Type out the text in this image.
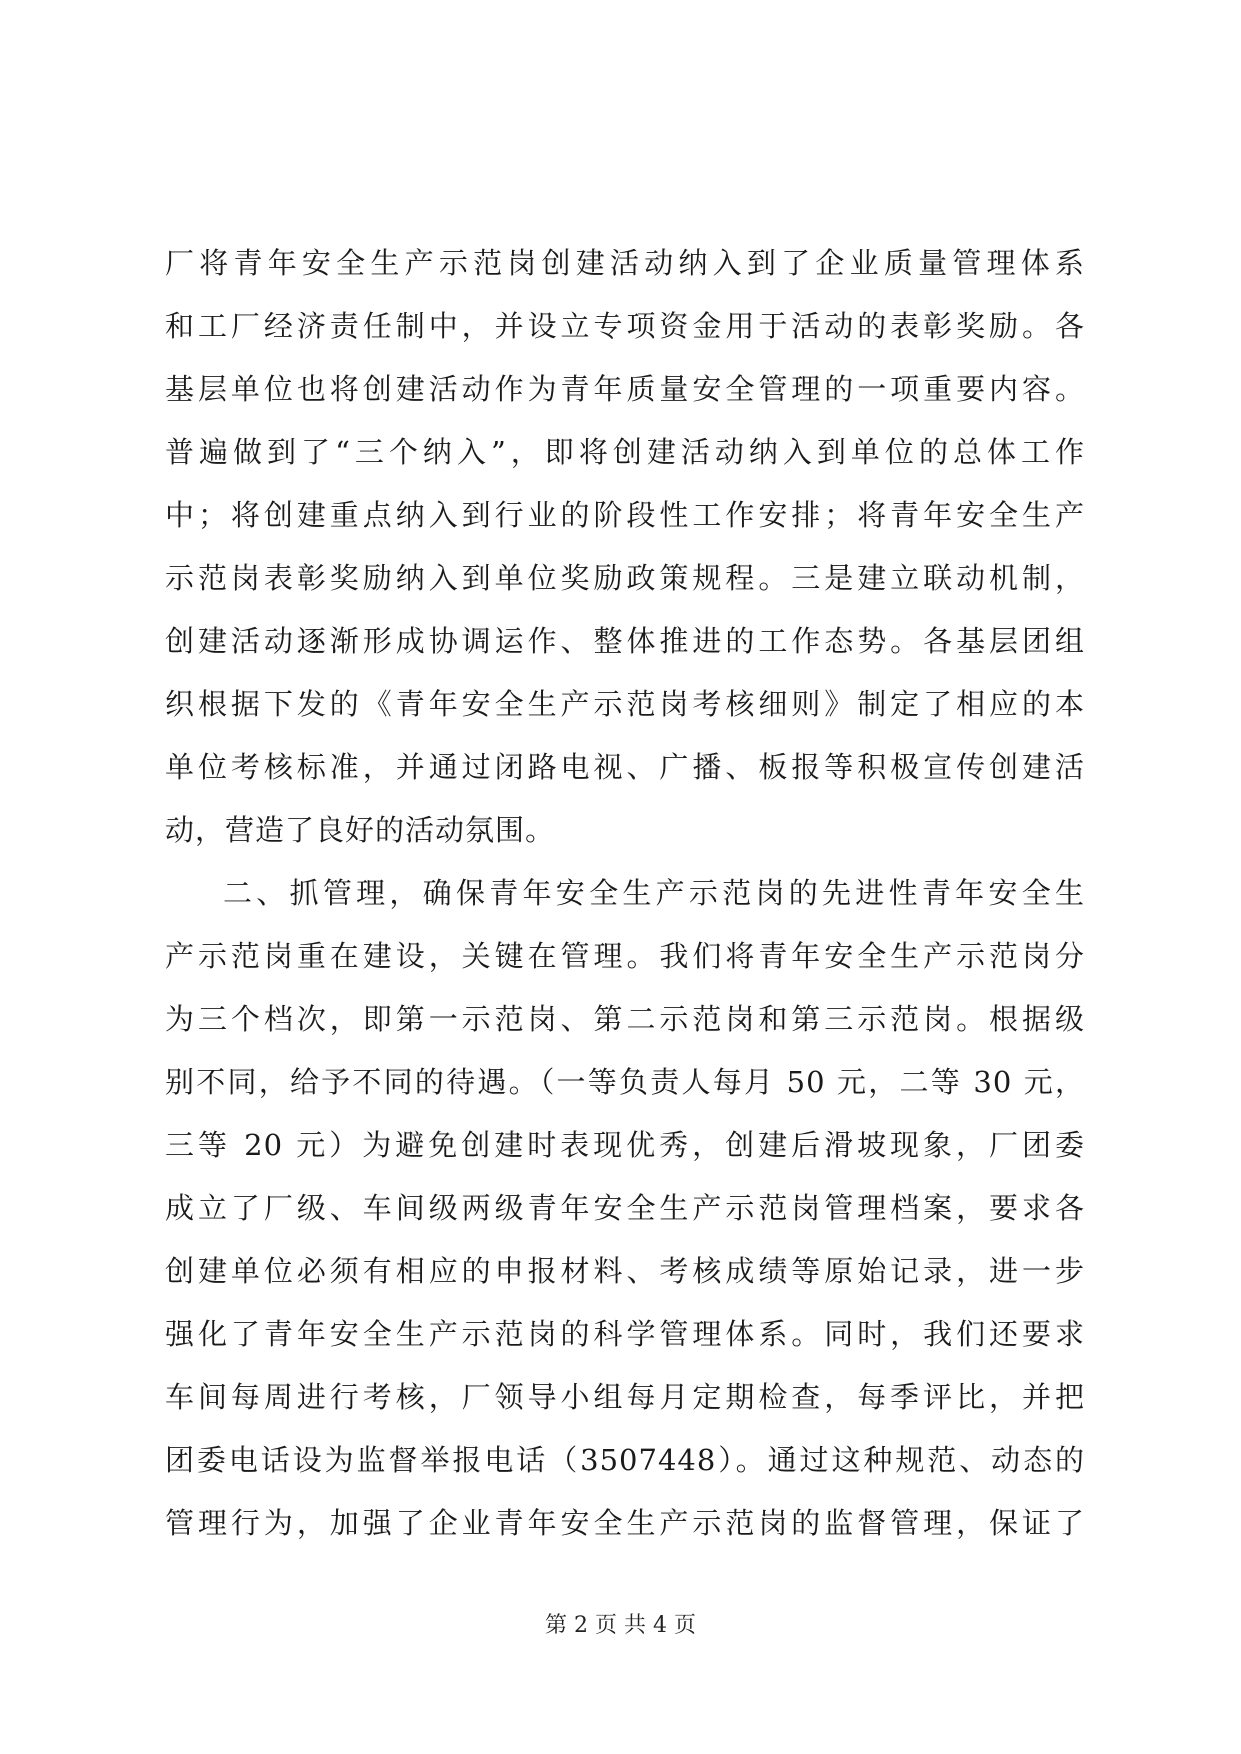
厂将青年安全生产示范岗创建活动纳入到了企业质量管理体系
和工厂经济责任制中，并设立专项资金用于活动的表彰奖励。各
基层单位也将创建活动作为青年质量安全管理的一项重要内容。
普遍做到了“三个纳入”，即将创建活动纳入到单位的总体工作
中；将创建重点纳入到行业的阶段性工作安排；将青年安全生产
示范岗表彰奖励纳入到单位奖励政策规程。三是建立联动机制，
创建活动逐渐形成协调运作、整体推进的工作态势。各基层团组
织根据下发的《青年安全生产示范岗考核细则》制定了相应的本
单位考核标准，并通过闭路电视、广播、板报等积极宣传创建活
动，营造了良好的活动氛围。
二、抓管理，确保青年安全生产示范岗的先进性青年安全生
产示范岗重在建设，关键在管理。我们将青年安全生产示范岗分
为三个档次，即第一示范岗、第二示范岗和第三示范岗。根据级
别不同，给予不同的待遇。（一等负责人每月 50 元，二等 30 元，
三等 20 元）为避免创建时表现优秀，创建后滑坡现象，厂团委
成立了厂级、车间级两级青年安全生产示范岗管理档案，要求各
创建单位必须有相应的申报材料、考核成绩等原始记录，进一步
强化了青年安全生产示范岗的科学管理体系。同时，我们还要求
车间每周进行考核，厂领导小组每月定期检查，每季评比，并把
团委电话设为监督举报电话（3507448）。通过这种规范、动态的
管理行为，加强了企业青年安全生产示范岗的监督管理，保证了
第 2 页 共 4 页
